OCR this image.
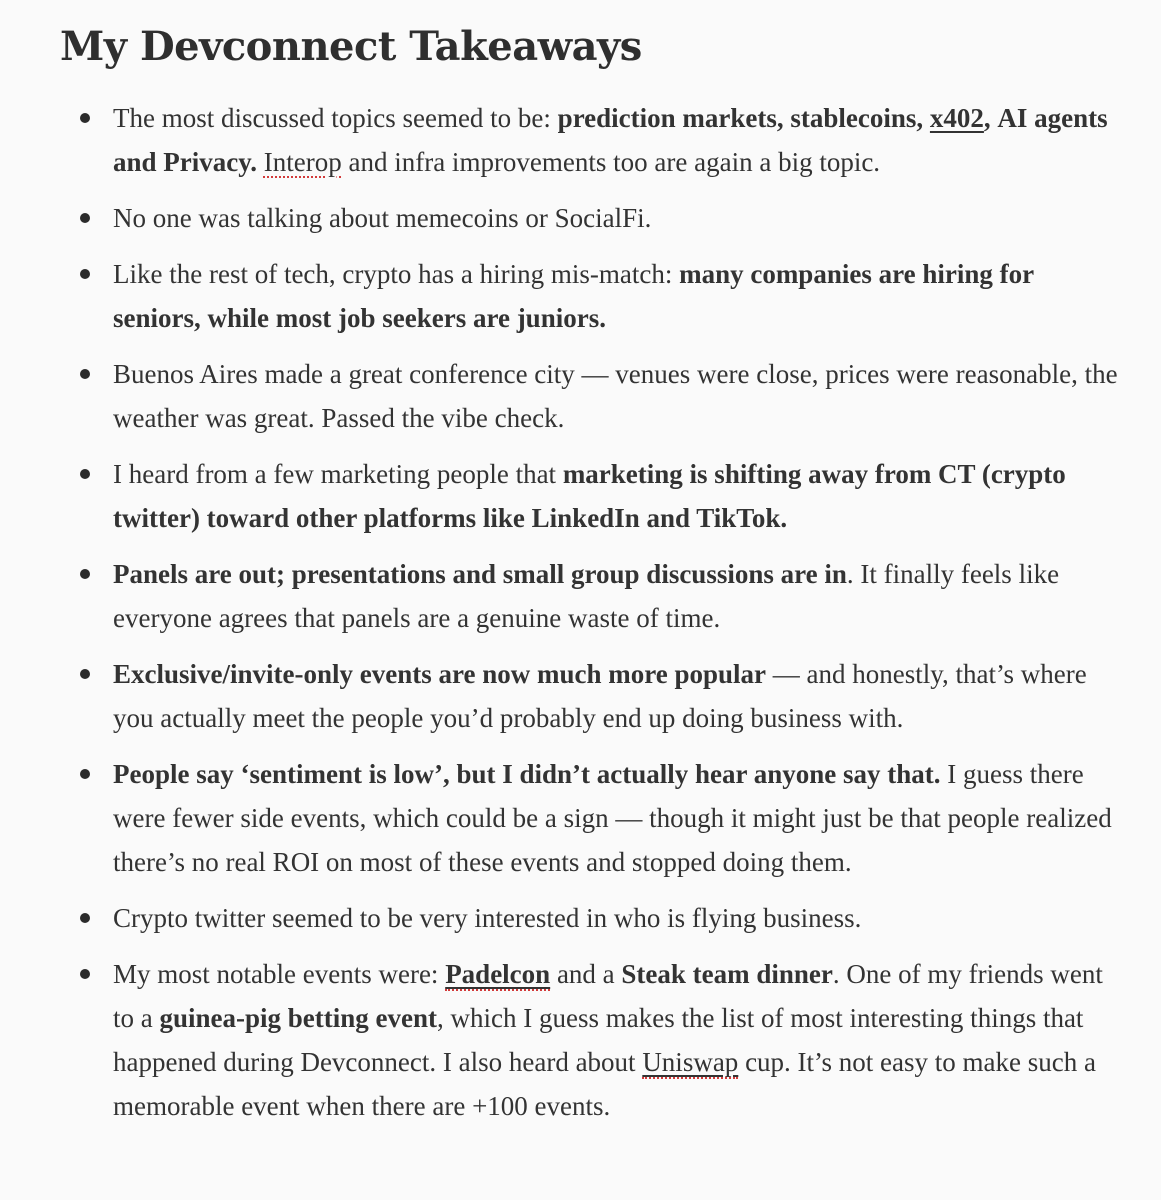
My Devconnect Takeaways
The most discussed topics seemed to be: prediction markets, stablecoins, x402, AI agents and Privacy. Interop and infra improvements too are again a big topic.
No one was talking about memecoins or SocialFi.
Like the rest of tech, crypto has a hiring mis-match: many companies are hiring for seniors, while most job seekers are juniors.
Buenos Aires made a great conference city — venues were close, prices were reasonable, the weather was great. Passed the vibe check.
I heard from a few marketing people that marketing is shifting away from CT (crypto twitter) toward other platforms like LinkedIn and TikTok.
Panels are out; presentations and small group discussions are in. It finally feels like everyone agrees that panels are a genuine waste of time.
Exclusive/invite-only events are now much more popular — and honestly, that’s where you actually meet the people you’d probably end up doing business with.
People say ‘sentiment is low’, but I didn’t actually hear anyone say that. I guess there were fewer side events, which could be a sign — though it might just be that people realized there’s no real ROI on most of these events and stopped doing them.
Crypto twitter seemed to be very interested in who is flying business.
My most notable events were: Padelcon and a Steak team dinner. One of my friends went to a guinea-pig betting event, which I guess makes the list of most interesting things that happened during Devconnect. I also heard about Uniswap cup. It’s not easy to make such a memorable event when there are +100 events.
